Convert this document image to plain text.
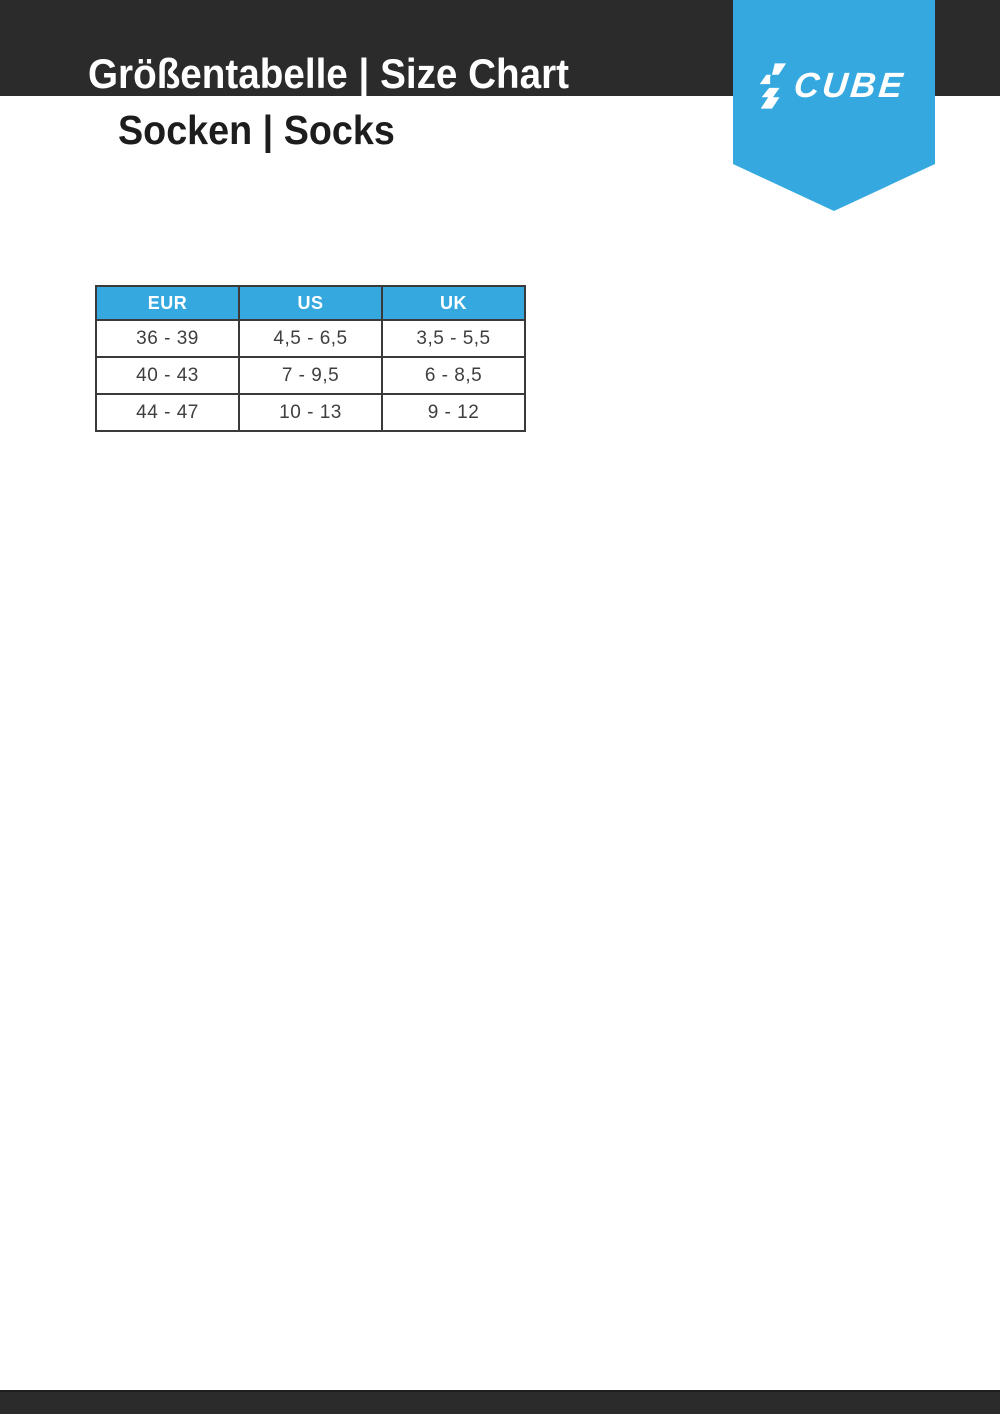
Größentabelle | Size Chart
Socken | Socks
CUBE
EUR	US	UK
36 - 39	4,5 - 6,5	3,5 - 5,5
40 - 43	7 - 9,5	6 - 8,5
44 - 47	10 - 13	9 - 12
